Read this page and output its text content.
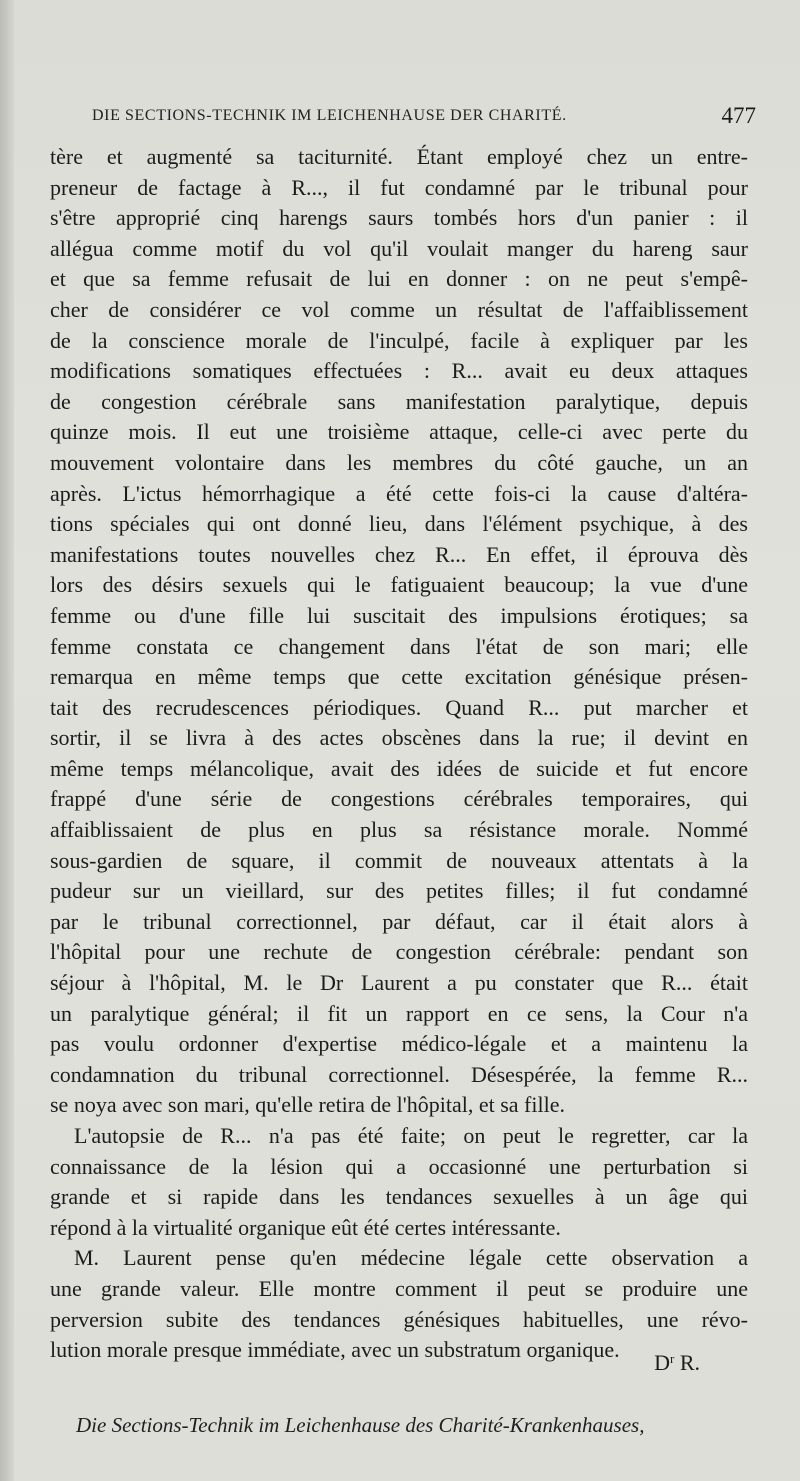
DIE SECTIONS-TECHNIK IM LEICHENHAUSE DER CHARITÉ.	477
tère et augmenté sa taciturnité. Étant employé chez un entre-
preneur de factage à R..., il fut condamné par le tribunal pour
s'être approprié cinq harengs saurs tombés hors d'un panier : il
allégua comme motif du vol qu'il voulait manger du hareng saur
et que sa femme refusait de lui en donner : on ne peut s'empê-
cher de considérer ce vol comme un résultat de l'affaiblissement
de la conscience morale de l'inculpé, facile à expliquer par les
modifications somatiques effectuées : R... avait eu deux attaques
de congestion cérébrale sans manifestation paralytique, depuis
quinze mois. Il eut une troisième attaque, celle-ci avec perte du
mouvement volontaire dans les membres du côté gauche, un an
après. L'ictus hémorrhagique a été cette fois-ci la cause d'altéra-
tions spéciales qui ont donné lieu, dans l'élément psychique, à des
manifestations toutes nouvelles chez R... En effet, il éprouva dès
lors des désirs sexuels qui le fatiguaient beaucoup; la vue d'une
femme ou d'une fille lui suscitait des impulsions érotiques; sa
femme constata ce changement dans l'état de son mari; elle
remarqua en même temps que cette excitation génésique présen-
tait des recrudescences périodiques. Quand R... put marcher et
sortir, il se livra à des actes obscènes dans la rue; il devint en
même temps mélancolique, avait des idées de suicide et fut encore
frappé d'une série de congestions cérébrales temporaires, qui
affaiblissaient de plus en plus sa résistance morale. Nommé
sous-gardien de square, il commit de nouveaux attentats à la
pudeur sur un vieillard, sur des petites filles; il fut condamné
par le tribunal correctionnel, par défaut, car il était alors à
l'hôpital pour une rechute de congestion cérébrale: pendant son
séjour à l'hôpital, M. le Dr Laurent a pu constater que R... était
un paralytique général; il fit un rapport en ce sens, la Cour n'a
pas voulu ordonner d'expertise médico-légale et a maintenu la
condamnation du tribunal correctionnel. Désespérée, la femme R...
se noya avec son mari, qu'elle retira de l'hôpital, et sa fille.
L'autopsie de R... n'a pas été faite; on peut le regretter, car la
connaissance de la lésion qui a occasionné une perturbation si
grande et si rapide dans les tendances sexuelles à un âge qui
répond à la virtualité organique eût été certes intéressante.
M. Laurent pense qu'en médecine légale cette observation a
une grande valeur. Elle montre comment il peut se produire une
perversion subite des tendances génésiques habituelles, une révo-
lution morale presque immédiate, avec un substratum organique.
$D^r$ R.
Die Sections-Technik im Leichenhause des Charité-Krankenhauses,
